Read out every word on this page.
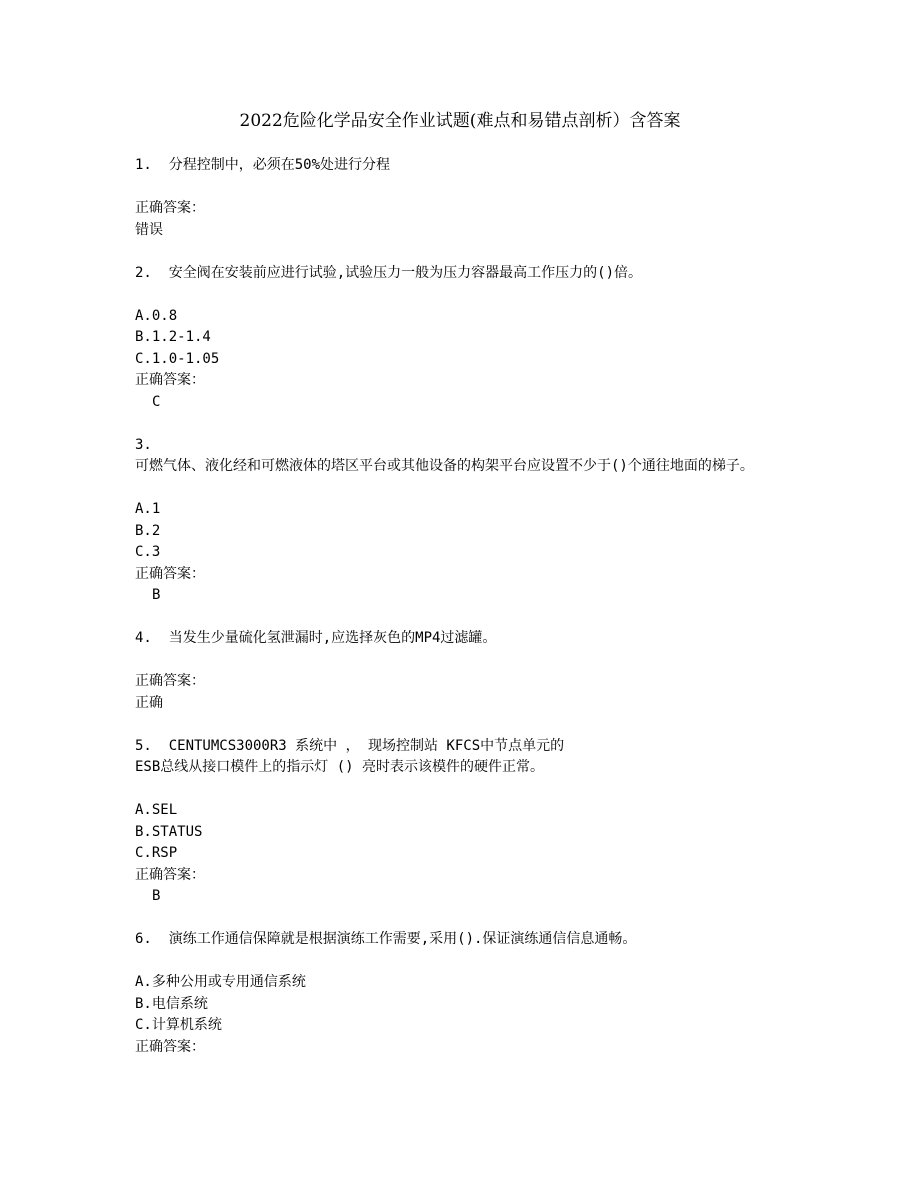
2022危险化学品安全作业试题(难点和易错点剖析）含答案
1. 分程控制中，必须在50%处进行分程
正确答案：
错误
2. 安全阀在安装前应进行试验,试验压力一般为压力容器最高工作压力的()倍。
A.0.8
B.1.2-1.4
C.1.0-1.05
正确答案：
C
3.
可燃气体、液化经和可燃液体的塔区平台或其他设备的构架平台应设置不少于()个通往地面的梯子。
A.1
B.2
C.3
正确答案：
B
4. 当发生少量硫化氢泄漏时,应选择灰色的MP4过滤罐。
正确答案：
正确
5. CENTUMCS3000R3 系统中 ， 现场控制站 KFCS中节点单元的
ESB总线从接口模件上的指示灯 () 亮时表示该模件的硬件正常。
A.SEL
B.STATUS
C.RSP
正确答案：
B
6. 演练工作通信保障就是根据演练工作需要,采用().保证演练通信信息通畅。
A.多种公用或专用通信系统
B.电信系统
C.计算机系统
正确答案：
